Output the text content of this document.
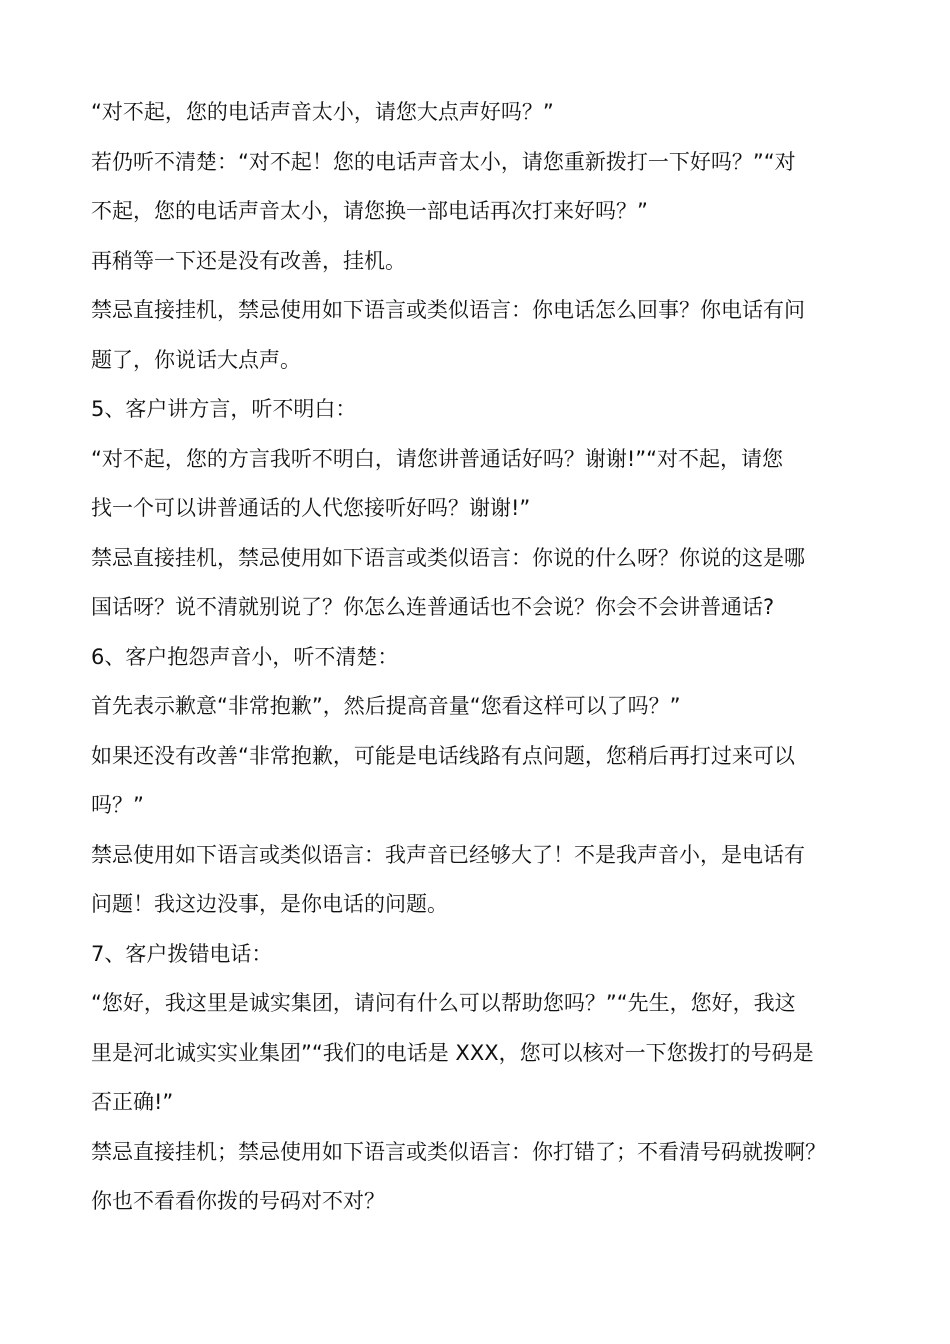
“对不起，您的电话声音太小，请您大点声好吗？”
若仍听不清楚：“对不起！您的电话声音太小，请您重新拨打一下好吗？”“对
不起，您的电话声音太小，请您换一部电话再次打来好吗？”
再稍等一下还是没有改善，挂机。
禁忌直接挂机，禁忌使用如下语言或类似语言：你电话怎么回事？你电话有问
题了，你说话大点声。
5、客户讲方言，听不明白：
“对不起，您的方言我听不明白，请您讲普通话好吗？谢谢!”“对不起，请您
找一个可以讲普通话的人代您接听好吗？谢谢!”
禁忌直接挂机，禁忌使用如下语言或类似语言：你说的什么呀？你说的这是哪
国话呀？说不清就别说了？你怎么连普通话也不会说？你会不会讲普通话?
6、客户抱怨声音小，听不清楚：
首先表示歉意“非常抱歉”，然后提高音量“您看这样可以了吗？”
如果还没有改善“非常抱歉，可能是电话线路有点问题，您稍后再打过来可以
吗？”
禁忌使用如下语言或类似语言：我声音已经够大了！不是我声音小，是电话有
问题！我这边没事，是你电话的问题。
7、客户拨错电话：
“您好，我这里是诚实集团，请问有什么可以帮助您吗？”“先生，您好，我这
里是河北诚实实业集团”“我们的电话是 XXX，您可以核对一下您拨打的号码是
否正确!”
禁忌直接挂机；禁忌使用如下语言或类似语言：你打错了；不看清号码就拨啊？
你也不看看你拨的号码对不对？
